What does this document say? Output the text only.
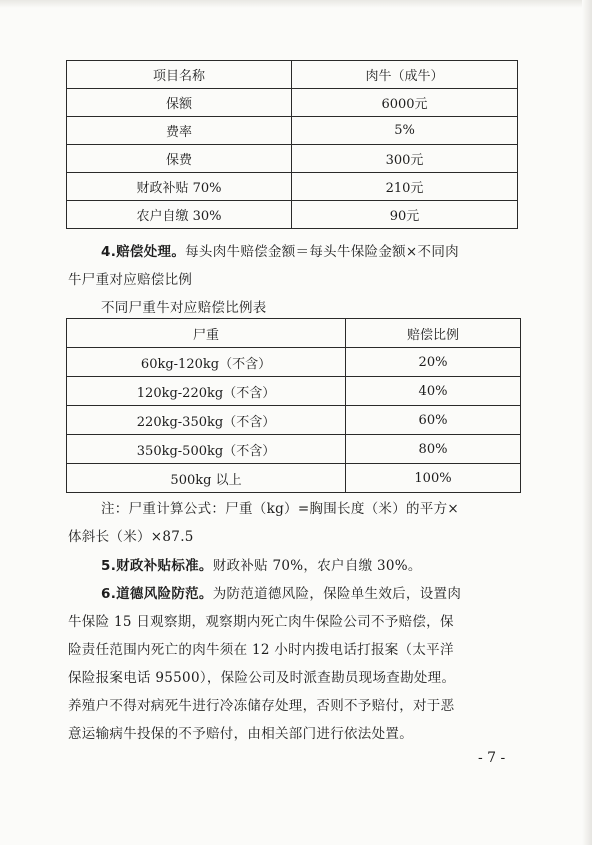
项目名称	肉牛（成牛）
保额	6000元
费率	5%
保费	300元
财政补贴 70%	210元
农户自缴 30%	90元
4.赔偿处理。每头肉牛赔偿金额＝每头牛保险金额×不同肉
牛尸重对应赔偿比例
不同尸重牛对应赔偿比例表
尸重	赔偿比例
60kg-120kg（不含）	20%
120kg-220kg（不含）	40%
220kg-350kg（不含）	60%
350kg-500kg（不含）	80%
500kg 以上	100%
注：尸重计算公式：尸重（kg）=胸围长度（米）的平方×
体斜长（米）×87.5
5.财政补贴标准。财政补贴 70%，农户自缴 30%。
6.道德风险防范。为防范道德风险，保险单生效后，设置肉
牛保险 15 日观察期，观察期内死亡肉牛保险公司不予赔偿，保
险责任范围内死亡的肉牛须在 12 小时内拨电话打报案（太平洋
保险报案电话 95500），保险公司及时派查勘员现场查勘处理。
养殖户不得对病死牛进行冷冻储存处理，否则不予赔付，对于恶
意运输病牛投保的不予赔付，由相关部门进行依法处置。
- 7 -
